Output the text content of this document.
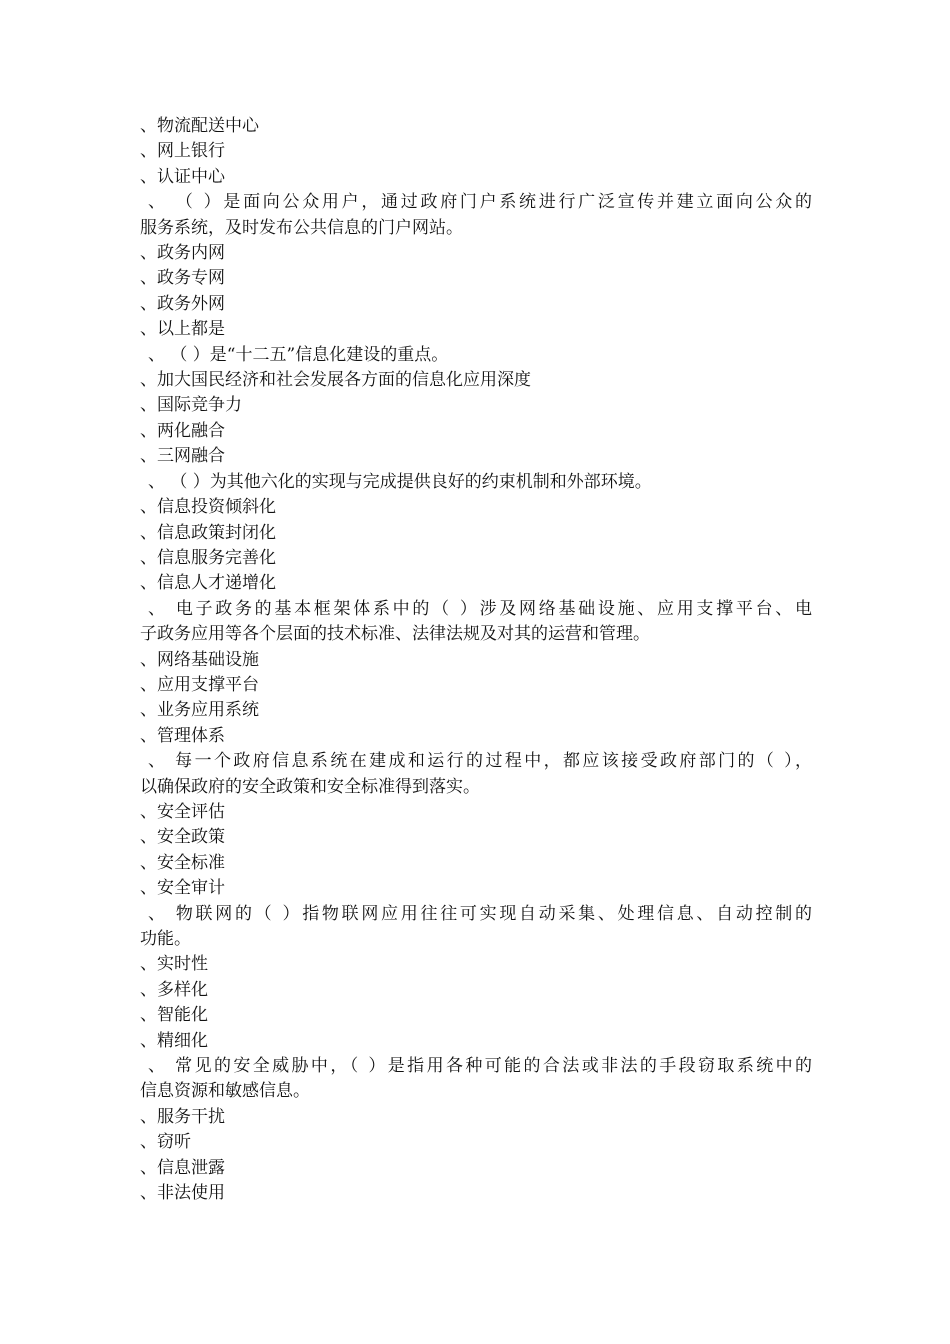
、物流配送中心
、网上银行
、认证中心
、 （ ）是面向公众用户，通过政府门户系统进行广泛宣传并建立面向公众的
服务系统，及时发布公共信息的门户网站。
、政务内网
、政务专网
、政务外网
、以上都是
、 （ ）是“十二五”信息化建设的重点。
、加大国民经济和社会发展各方面的信息化应用深度
、国际竞争力
、两化融合
、三网融合
、 （ ）为其他六化的实现与完成提供良好的约束机制和外部环境。
、信息投资倾斜化
、信息政策封闭化
、信息服务完善化
、信息人才递增化
、 电子政务的基本框架体系中的（ ）涉及网络基础设施、应用支撑平台、电
子政务应用等各个层面的技术标准、法律法规及对其的运营和管理。
、网络基础设施
、应用支撑平台
、业务应用系统
、管理体系
、 每一个政府信息系统在建成和运行的过程中，都应该接受政府部门的（ ），
以确保政府的安全政策和安全标准得到落实。
、安全评估
、安全政策
、安全标准
、安全审计
、 物联网的（ ）指物联网应用往往可实现自动采集、处理信息、自动控制的
功能。
、实时性
、多样化
、智能化
、精细化
、 常见的安全威胁中，（ ）是指用各种可能的合法或非法的手段窃取系统中的
信息资源和敏感信息。
、服务干扰
、窃听
、信息泄露
、非法使用
